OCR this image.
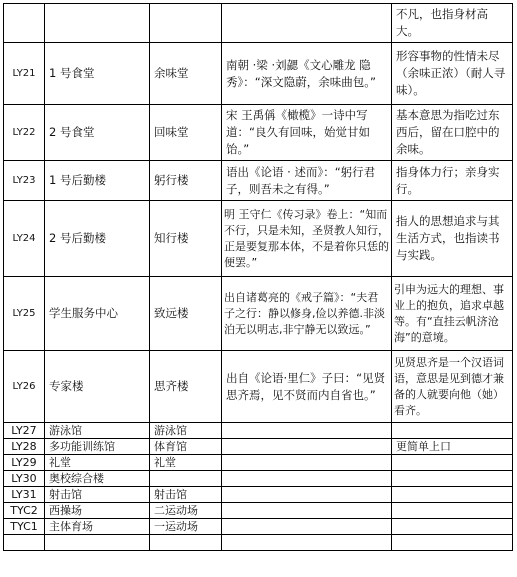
				不凡，也指身材高大。
LY21	1 号食堂	余味堂	南朝 ·梁 ·刘勰《文心雕龙 隐秀》：“深文隐蔚，余味曲包。”	形容事物的性情未尽（余味正浓）（耐人寻味）。
LY22	2 号食堂	回味堂	宋 王禹偁《橄榄》一诗中写道：“良久有回味，始觉甘如饴。”	基本意思为指吃过东西后，留在口腔中的余味。
LY23	1 号后勤楼	躬行楼	语出《论语 · 述而》：“躬行君子，则吾未之有得。”	指身体力行；亲身实行。
LY24	2 号后勤楼	知行楼	明 王守仁《传习录》卷上：“知而不行，只是未知，圣贤教人知行，正是要复那本体，不是着你只恁的便罢。”	指人的思想追求与其生活方式，也指读书与实践。
LY25	学生服务中心	致远楼	出自诸葛亮的《戒子篇》：“夫君子之行：静以修身,俭以养德.非淡泊无以明志,非宁静无以致远。”	引申为远大的理想、事业上的抱负，追求卓越等。有“直挂云帆济沧海”的意境。
LY26	专家楼	思齐楼	出自《论语·里仁》子曰：“见贤思齐焉，见不贤而内自省也。”	见贤思齐是一个汉语词语，意思是见到德才兼备的人就要向他（她）看齐。
LY27	游泳馆	游泳馆		
LY28	多功能训练馆	体育馆		更简单上口
LY29	礼堂	礼堂		
LY30	奥校综合楼			
LY31	射击馆	射击馆		
TYC2	西操场	二运动场		
TYC1	主体育场	一运动场		
